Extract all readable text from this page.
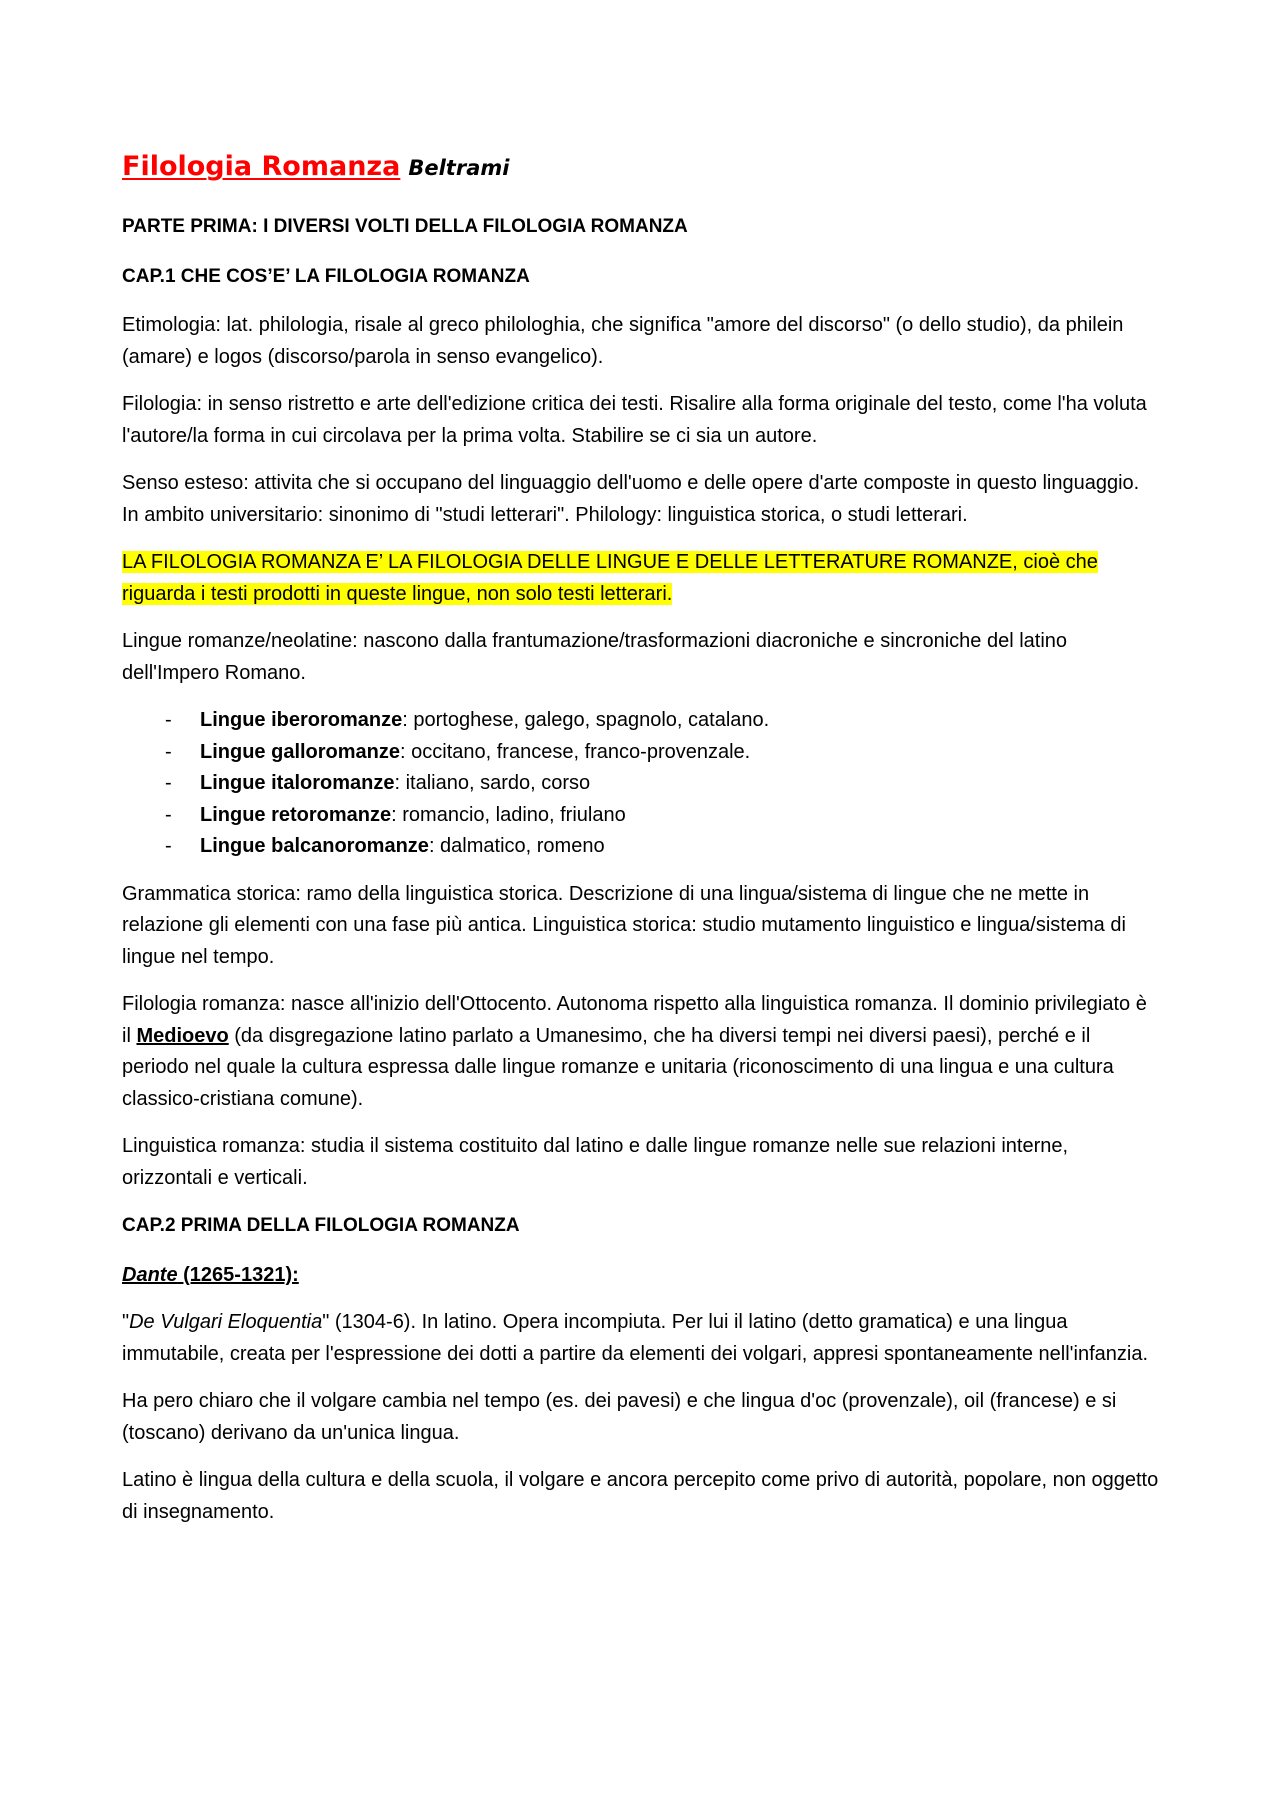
Filologia Romanza Beltrami

PARTE PRIMA: I DIVERSI VOLTI DELLA FILOLOGIA ROMANZA

CAP.1 CHE COS’E’ LA FILOLOGIA ROMANZA

Etimologia: lat. philologia, risale al greco philologhia, che significa "amore del discorso" (o dello studio), da philein (amare) e logos (discorso/parola in senso evangelico).

Filologia: in senso ristretto e arte dell'edizione critica dei testi. Risalire alla forma originale del testo, come l'ha voluta l'autore/la forma in cui circolava per la prima volta. Stabilire se ci sia un autore.

Senso esteso: attivita che si occupano del linguaggio dell'uomo e delle opere d'arte composte in questo linguaggio. In ambito universitario: sinonimo di "studi letterari". Philology: linguistica storica, o studi letterari.

LA FILOLOGIA ROMANZA E’ LA FILOLOGIA DELLE LINGUE E DELLE LETTERATURE ROMANZE, cioè che riguarda i testi prodotti in queste lingue, non solo testi letterari.

Lingue romanze/neolatine: nascono dalla frantumazione/trasformazioni diacroniche e sincroniche del latino dell'Impero Romano.

-	Lingue iberoromanze: portoghese, galego, spagnolo, catalano.
-	Lingue galloromanze: occitano, francese, franco-provenzale.
-	Lingue italoromanze: italiano, sardo, corso
-	Lingue retoromanze: romancio, ladino, friulano
-	Lingue balcanoromanze: dalmatico, romeno

Grammatica storica: ramo della linguistica storica. Descrizione di una lingua/sistema di lingue che ne mette in relazione gli elementi con una fase più antica. Linguistica storica: studio mutamento linguistico e lingua/sistema di lingue nel tempo.

Filologia romanza: nasce all'inizio dell'Ottocento. Autonoma rispetto alla linguistica romanza. Il dominio privilegiato è il Medioevo (da disgregazione latino parlato a Umanesimo, che ha diversi tempi nei diversi paesi), perché e il periodo nel quale la cultura espressa dalle lingue romanze e unitaria (riconoscimento di una lingua e una cultura classico-cristiana comune).

Linguistica romanza: studia il sistema costituito dal latino e dalle lingue romanze nelle sue relazioni interne, orizzontali e verticali.

CAP.2 PRIMA DELLA FILOLOGIA ROMANZA

Dante (1265-1321):

"De Vulgari Eloquentia" (1304-6). In latino. Opera incompiuta. Per lui il latino (detto gramatica) e una lingua immutabile, creata per l'espressione dei dotti a partire da elementi dei volgari, appresi spontaneamente nell'infanzia.

Ha pero chiaro che il volgare cambia nel tempo (es. dei pavesi) e che lingua d'oc (provenzale), oil (francese) e si (toscano) derivano da un'unica lingua.

Latino è lingua della cultura e della scuola, il volgare e ancora percepito come privo di autorità, popolare, non oggetto di insegnamento.
